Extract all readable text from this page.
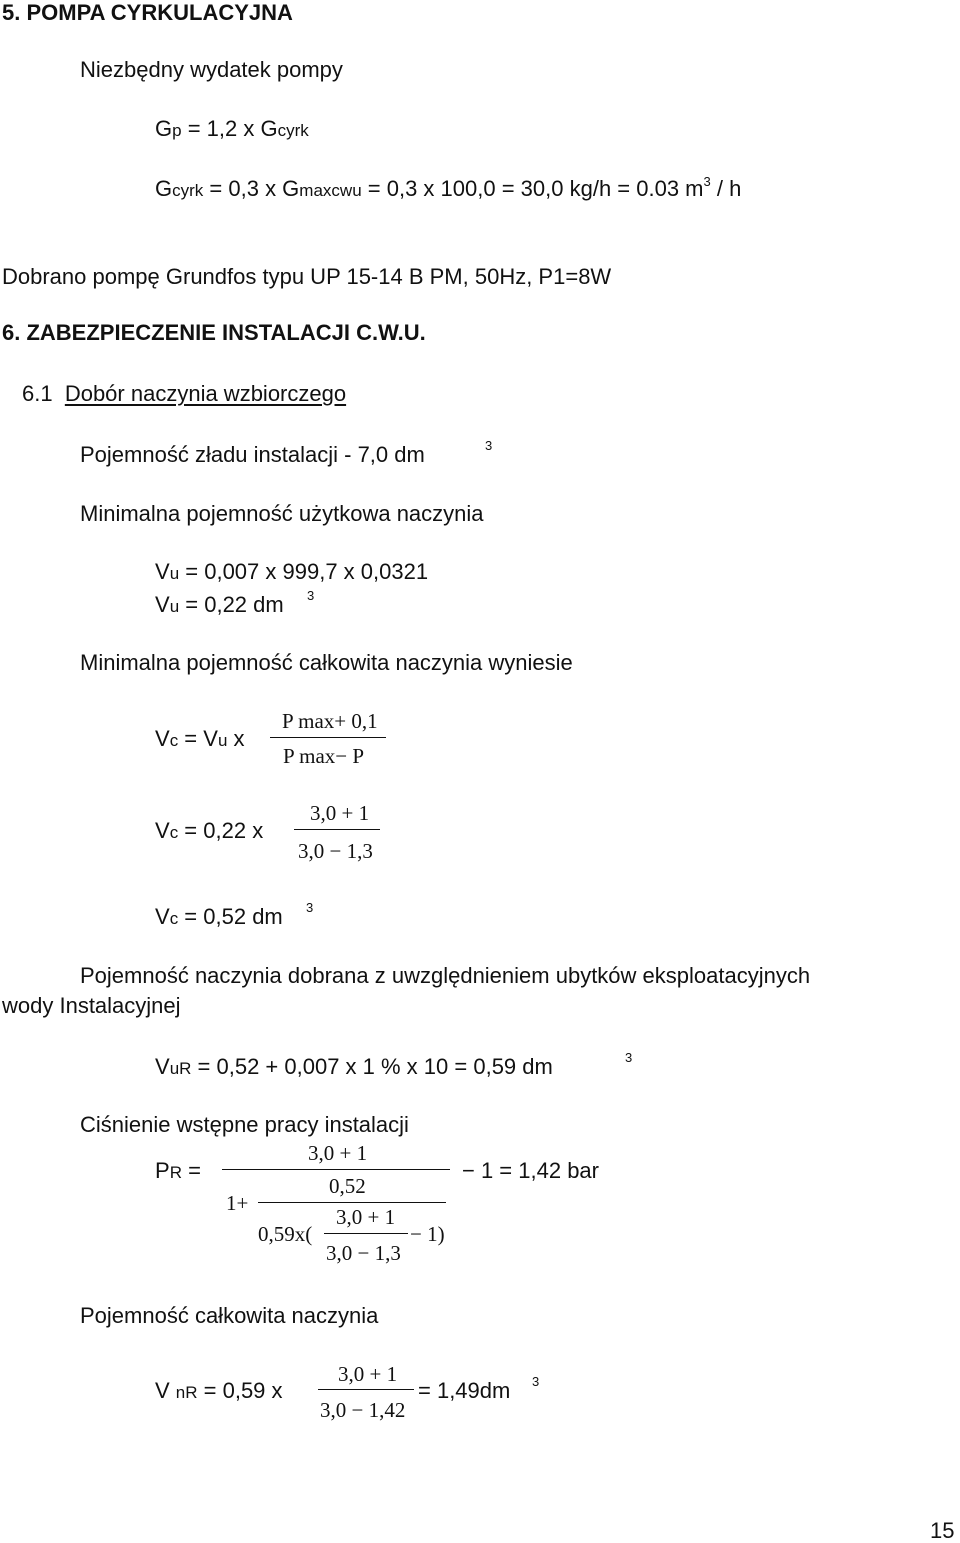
5. POMPA CYRKULACYJNA
Niezbędny wydatek pompy
Gp = 1,2 x Gcyrk
Gcyrk = 0,3 x Gmaxcwu = 0,3 x 100,0 = 30,0 kg/h = 0.03 $m^3$ / h
Dobrano pompę Grundfos typu UP 15-14 B PM, 50Hz, P1=8W
6. ZABEZPIECZENIE INSTALACJI C.W.U.
6.1 Dobór naczynia wzbiorczego
Pojemność zładu instalacji - 7,0 dm	3
Minimalna pojemność użytkowa naczynia
Vu = 0,007 x 999,7 x 0,0321
Vu = 0,22 dm 3
Minimalna pojemność całkowita naczynia wyniesie
Vc = Vu x
P max+ 0,1
P max− P
Vc = 0,22 x
3,0 + 1
3,0 − 1,3
Vc = 0,52 dm 3
Pojemność naczynia dobrana z uwzględnieniem ubytków eksploatacyjnych
wody Instalacyjnej
VuR = 0,52 + 0,007 x 1 % x 10 = 0,59 dm	3
Ciśnienie wstępne pracy instalacji
PR =
3,0 + 1
− 1 = 1,42 bar
0,52
1+
3,0 + 1
0,59x(	− 1)
3,0 − 1,3
Pojemność całkowita naczynia
V nR = 0,59 x
3,0 + 1
3,0 − 1,42
= 1,49dm 3
15
